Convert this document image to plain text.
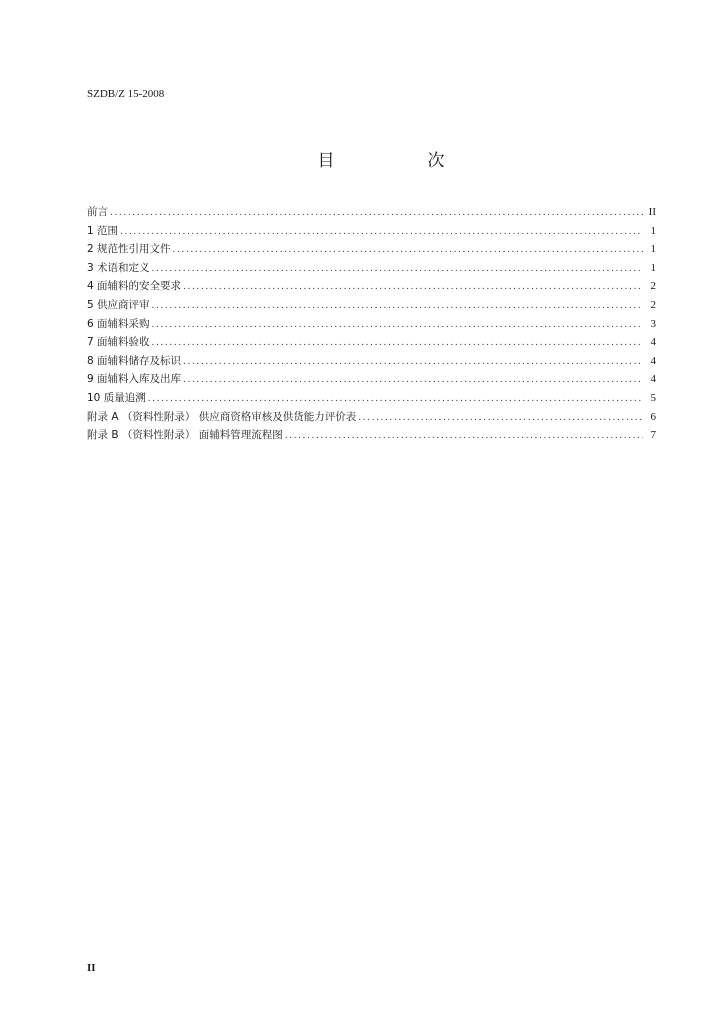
SZDB/Z 15-2008
目　次
前言 .....	II
1 范围 .....	1
2 规范性引用文件 .....	1
3 术语和定义 .....	1
4 面辅料的安全要求 .....	2
5 供应商评审 .....	2
6 面辅料采购 .....	3
7 面辅料验收 .....	4
8 面辅料储存及标识 .....	4
9 面辅料入库及出库 .....	4
10 质量追溯 .....	5
附录 A （资料性附录） 供应商资格审核及供货能力评价表 .....	6
附录 B （资料性附录） 面辅料管理流程图 .....	7
II
